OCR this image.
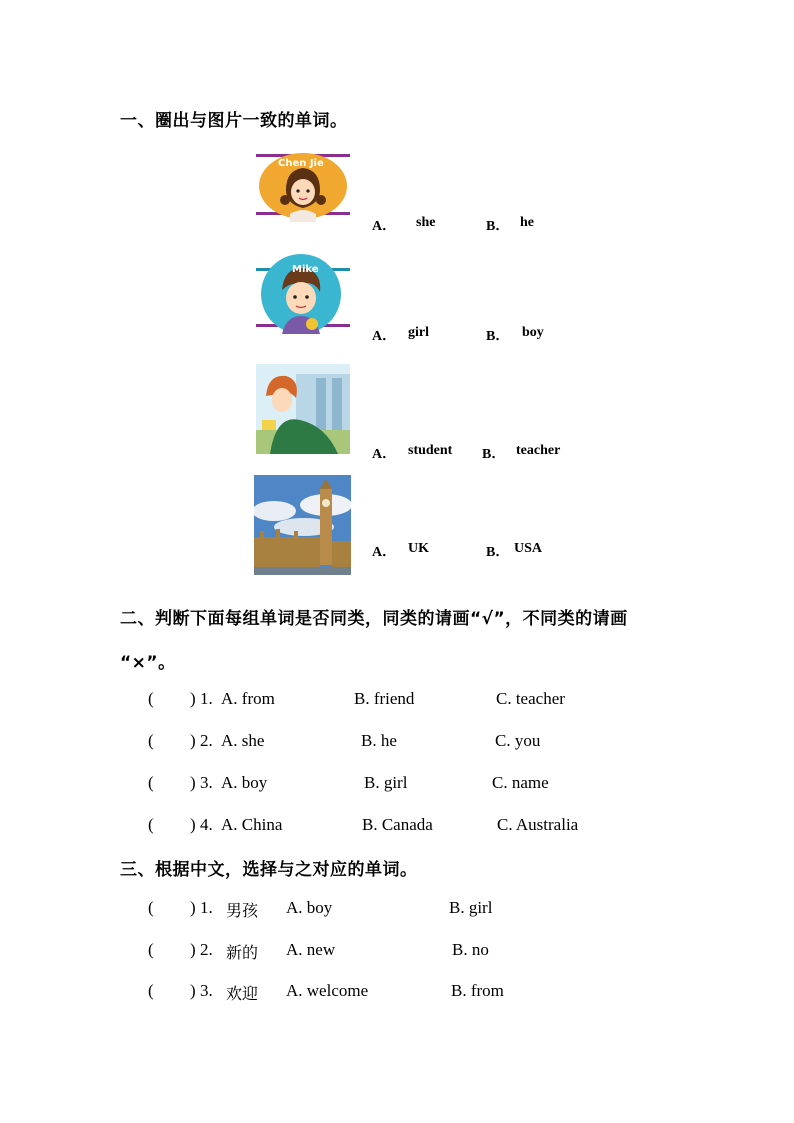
一、圈出与图片一致的单词。
Chen Jie
A． she	B． he
Mike
A． girl	B． boy
A． student B． teacher
A． UK	B． USA
二、判断下面每组单词是否同类，同类的请画“√”，不同类的请画
“×”。
( ) 1. A. from	B. friend	C. teacher
( ) 2. A. she	B. he	C. you
( ) 3. A. boy	B. girl	C. name
( ) 4. A. China	B. Canada	C. Australia
三、根据中文，选择与之对应的单词。
( ) 1. 男孩 A. boy	B. girl
( ) 2. 新的 A. new	B. no
( ) 3. 欢迎 A. welcome	B. from
